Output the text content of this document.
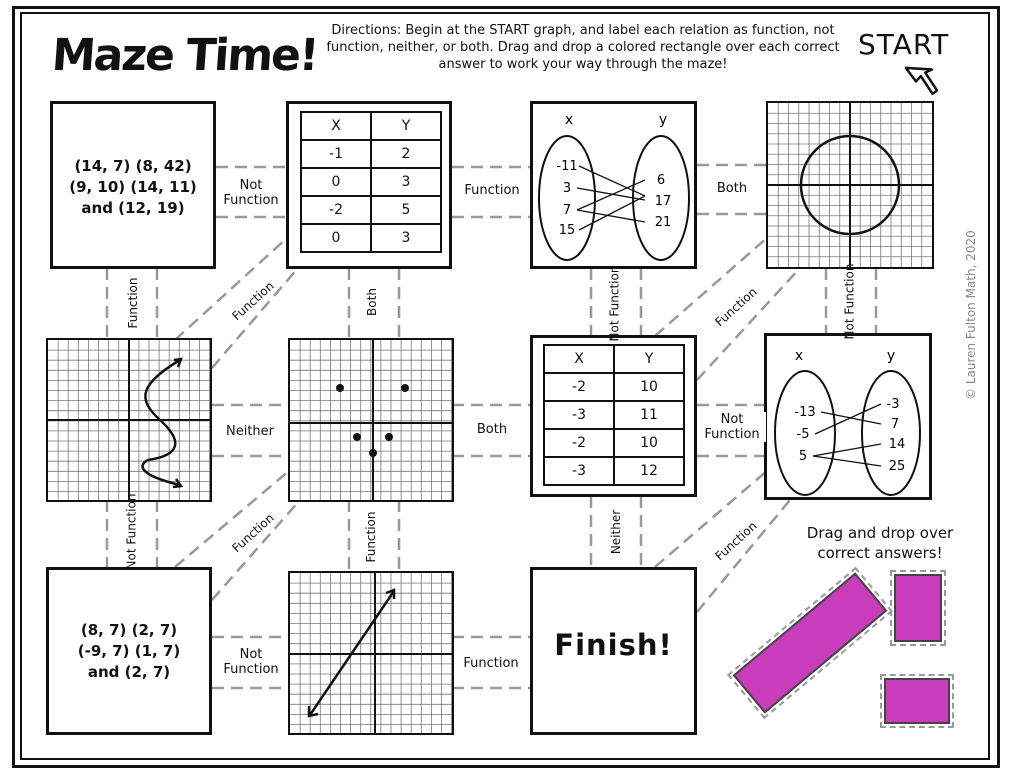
Maze Time! Directions: Begin at the START graph, and label each relation as function, not function, neither, or both. Drag and drop a colored rectangle over each correct answer to work your way through the maze!
START
(14, 7) (8, 42)
(9, 10) (14, 11)
and (12, 19)
X	Y
-1	2
0	3
-2	5
0	3
x	y
-11
3
7
15
6
17
21
X	Y
-2	10
-3	11
-2	10
-3	12
x	y
-13
-5
5
-3
7
14
25
(8, 7) (2, 7)
(-9, 7) (1, 7)
and (2, 7)
Finish!
Not Function
Function	Both
Function	Function	Both	Not Function	Function	Not Function
Neither	Both
Not Function
Not Function	Function	Function	Neither	Function
Not Function	Function
Drag and drop over correct answers!
© Lauren Fulton Math, 2020
